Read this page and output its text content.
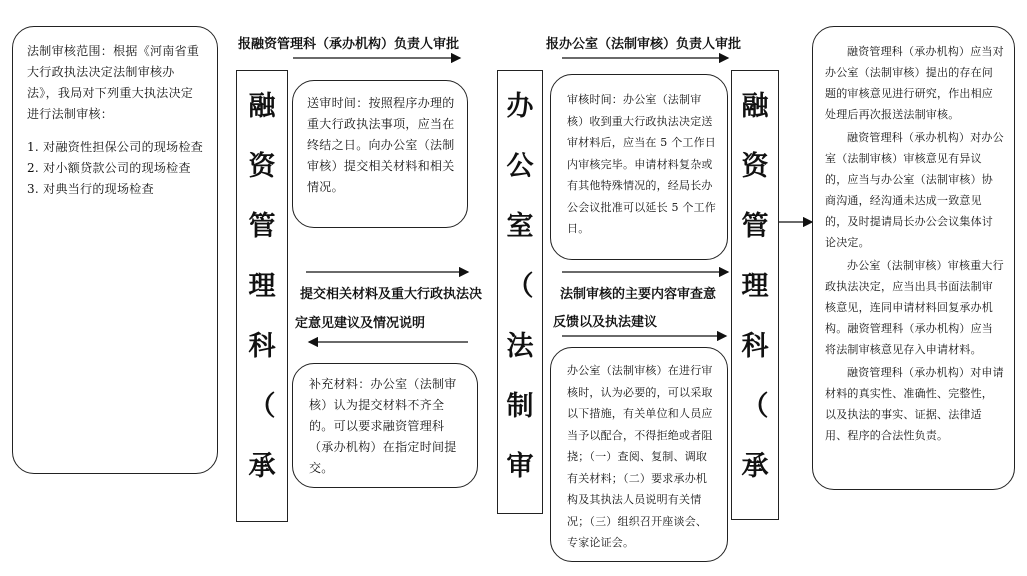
法制审核范围：根据《河南省重大行政执法决定法制审核办法》，我局对下列重大执法决定进行法制审核：

1. 对融资性担保公司的现场检查

2. 对小额贷款公司的现场检查

3. 对典当行的现场检查

融
资
管
理
科
（
承
办
公
室
（
法
制
审
融
资
管
理
科
（
承
报融资管理科（承办机构）负责人审批	报办公室（法制审核）负责人审批
提交相关材料及重大行政执法决
定意见建议及情况说明
法制审核的主要内容审查意
反馈以及执法建议
送审时间：按照程序办理的重大行政执法事项，应当在终结之日。向办公室（法制审核）提交相关材料和相关情况。
补充材料：办公室（法制审核）认为提交材料不齐全的。可以要求融资管理科（承办机构）在指定时间提交。
审核时间：办公室（法制审核）收到重大行政执法决定送审材料后，应当在 5 个工作日内审核完毕。申请材料复杂或有其他特殊情况的，经局长办公会议批准可以延长 5 个工作日。
办公室（法制审核）在进行审核时，认为必要的，可以采取以下措施，有关单位和人员应当予以配合，不得拒绝或者阻挠；（一）查阅、复制、调取有关材料；（二）要求承办机构及其执法人员说明有关情况；（三）组织召开座谈会、专家论证会。

融资管理科（承办机构）应当对办公室（法制审核）提出的存在问题的审核意见进行研究，作出相应处理后再次报送法制审核。

融资管理科（承办机构）对办公室（法制审核）审核意见有异议的，应当与办公室（法制审核）协商沟通，经沟通未达成一致意见的，及时提请局长办公会议集体讨论决定。

办公室（法制审核）审核重大行政执法决定，应当出具书面法制审核意见，连同申请材料回复承办机构。融资管理科（承办机构）应当将法制审核意见存入申请材料。

融资管理科（承办机构）对申请材料的真实性、准确性、完整性，以及执法的事实、证据、法律适用、程序的合法性负责。
